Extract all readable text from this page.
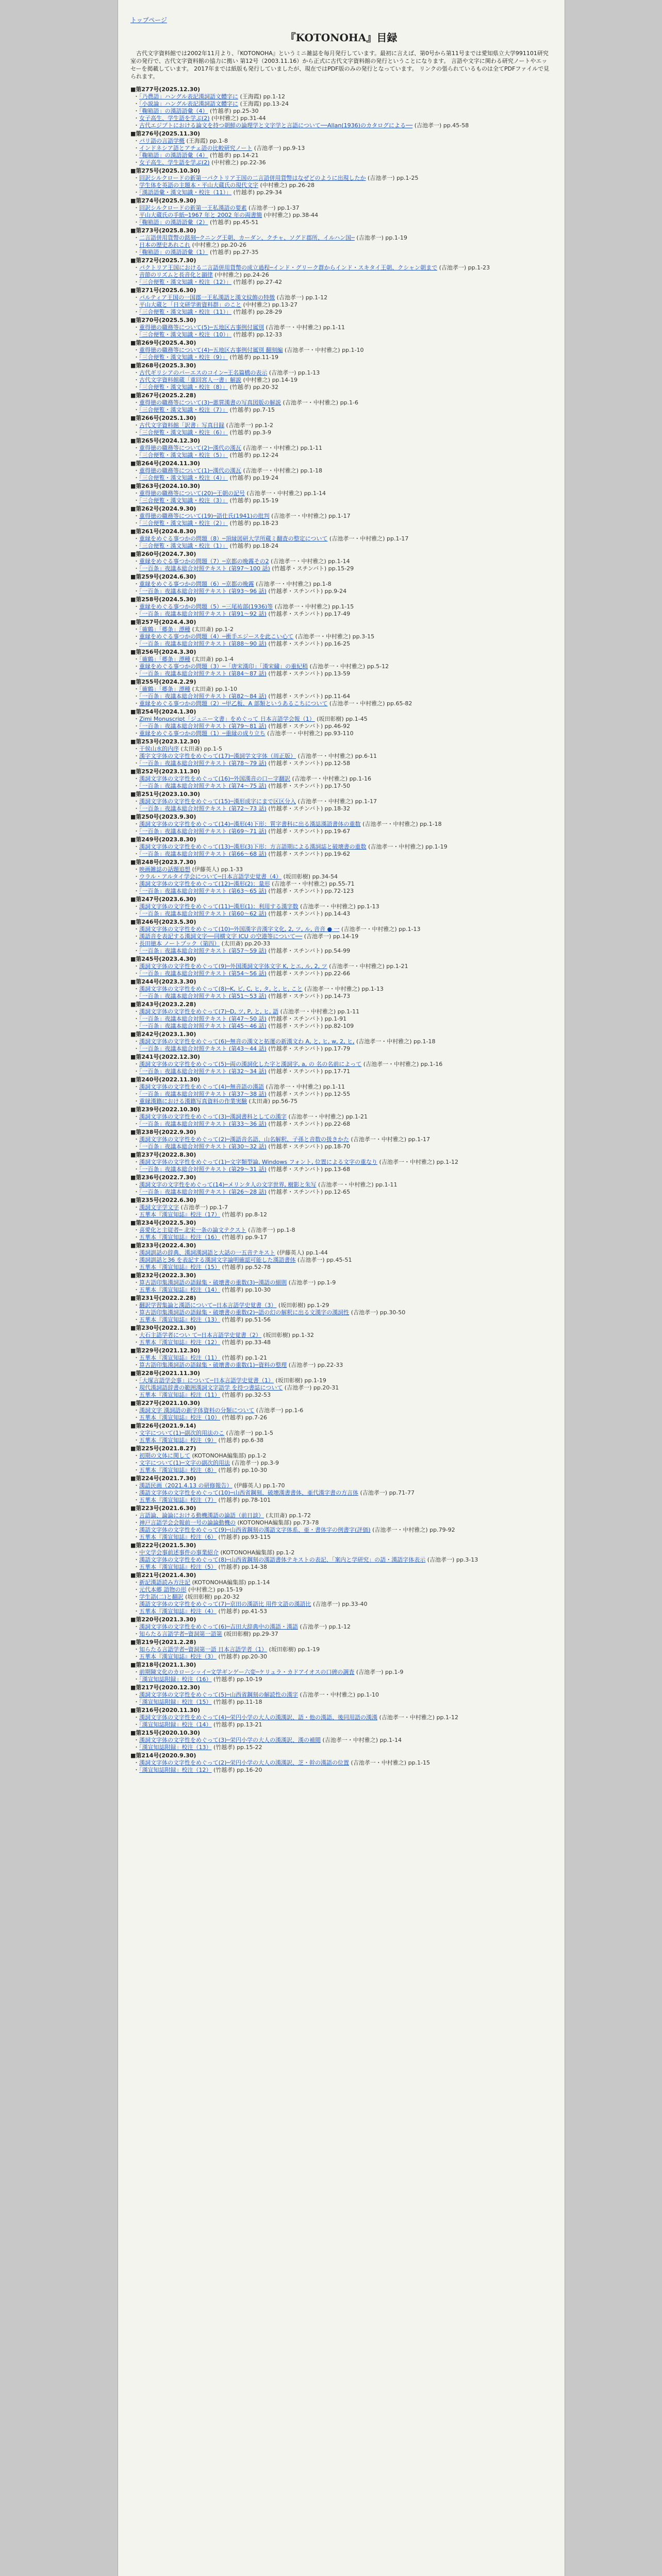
トップページ
『KOTONOHA』目録

古代文字資料館では2002年11月より、『KOTONOHA』というミニ雑誌を毎月発行しています。最初に言えば、第0号から第11号までは愛知県立大学991101研究室の発行で、古代文字資料館の協力に拠い 第12号（2003.11.16）から正式に古代文字資料館の発行ということになります。 言語や文字に関わる研究ノートやエッセーを掲載しています。 2017年までは紙版も発行していましたが、現在ではPDF版のみの発行となっています。 リンクの張られているものは全てPDFファイルで見られます。

■第277号(2025.12.30)
・「乃農語」ハングル表記漢詞語文體字に (王海霞) pp.1-12
・「小説論」ハングル表記漢詞語文體字に (王海霞) pp.13-24
・「鞠箱語」の漢語語彙（4） (竹越孝) pp.25-30
・女子高生、学生語を学ぶ(2) (中村雅之) pp.31-44
・古代エジプトにおける論文を持つ朝鮮の論理学と文字学と言語について──Allan(1936)のカタログによる── (吉池孝一) pp.45-58
■第276号(2025.11.30)
・パリ語の言語学概 (王海霞) pp.1-8
・インドネシア語とアチェ語の比較研究ノート (吉池孝一) pp.9-13
・「鞠箱語」の漢語語彙（4） (竹越孝) pp.14-21
・女子高生、学生語を学ぶ(2) (中村雅之) pp.22-36
■第275号(2025.10.30)
・回訳シルクロードの新第一パクトリア王国の二言語併用貨幣はなぜどのように出現したか (吉池孝一) pp.1-25
・学生体を英語の主題本・平山大蔵氏の現代文字 (中村雅之) pp.26-28
・「漢語語彙・漢文知識・校注（11）」 (竹越孝) pp.29-34
■第274号(2025.9.30)
・回訳シルクロードの新第一王私漢語の要素 (吉池孝一) pp.1-37
・平山大蔵氏の手紙─1967 年と 2002 年の両書簡 (中村雅之) pp.38-44
・「鞠箱語」の漢語語彙（2） (竹越孝) pp.45-51
■第273号(2025.8.30)
・二言語併用貨幣の銘刻─クニング王朝、カーダン、クチャ、ソグド郡所、イルハン国─ (吉池孝一) pp.1-19
・日本の歴史あれこれ (中村雅之) pp.20-26
・「鞠箱語」の漢語語彙（1） (竹越孝) pp.27-35
■第272号(2025.7.30)
・パクトリア王国における二言語併用貨幣の成立過程─インド・グリーク群からインド・スキタイ王朝、クシャン朝まで (吉池孝一) pp.1-23
・音節のリズムと長音化と韻律 (中村雅之) pp.24-26
・「三合便覧・漢文知識・校注（12）」 (竹越孝) pp.27-42
■第271号(2025.6.30)
・パルティア王国の一国郡一王私漢語と漢文紋飾の特徴 (吉池孝一) pp.1-12
・平山大蔵と「日文研学術資料群」のこと (中村雅之) pp.13-27
・「三合便覧・漢文知識・校注（11）」 (竹越孝) pp.28-29
■第270号(2025.5.30)
・重得徳の職務等について(5)─五地区古事例付属別 (吉池孝一・中村雅之) pp.1-11
・「三合便覧・漢文知識・校注（10）」 (竹越孝) pp.12-33
■第269号(2025.4.30)
・重得徳の職務等について(4)─五地区古事例付属別 翻刻編 (吉池孝一・中村雅之) pp.1-10
・「三合便覧・漢文知識・校注（9）」 (竹越孝) pp.11-19
■第268号(2025.3.30)
・古代ギリシアのバーエスのコイン─王名篇橋の表示 (吉池孝一) pp.1-13
・古代文字資料館蔵「重回宮人一書」解説 (中村雅之) pp.14-19
・「三合便覧・漢文知識・校注（8）」 (竹越孝) pp.20-32
■第267号(2025.2.28)
・重得徳の職務等について(3)─悪質漢書の写真図版の解説 (吉池孝一・中村雅之) pp.1-6
・「三合便覧・漢文知識・校注（7）」 (竹越孝) pp.7-15
■第266号(2025.1.30)
・古代文字資料館「訳書」写真目録 (吉池孝一) pp.1-2
・「三合便覧・漢文知識・校注（6）」 (竹越孝) pp.3-9
■第265号(2024.12.30)
・重得徳の職務等について(2)─漢代の漢瓦 (吉池孝一・中村雅之) pp.1-11
・「三合便覧・漢文知識・校注（5）」 (竹越孝) pp.12-24
■第264号(2024.11.30)
・重得徳の職務等について(1)─漢代の漢瓦 (吉池孝一・中村雅之) pp.1-18
・「三合便覧・漢文知識・校注（4）」 (竹越孝) pp.19-24
■第263号(2024.10.30)
・重得徳の職務等について(20)─王朝の記号 (吉池孝一・中村雅之) pp.1-14
・「三合便覧・漢文知識・校注（3）」 (竹越孝) pp.15-19
■第262号(2024.9.30)
・重得徳の職務等について(19)─語仕氏(1941)の批判 (吉池孝一・中村雅之) pp.1-17
・「三合便覧・漢文知識・校注（2）」 (竹越孝) pp.18-23
■第261号(2024.8.30)
・重縁をめぐる事つかの問題（8）─頂縁図研大学所蔵ミ翻査の整定について (吉池孝一・中村雅之) pp.1-17
・「三合便覧・漢文知識・校注（1）」 (竹越孝) pp.18-24
■第260号(2024.7.30)
・重縁をめぐる事つかの問題（7）─京都の晩霧その2 (吉池孝一・中村雅之) pp.1-14
・「一百条」夜議本総合対照テキスト (第97〜100 話) (竹越孝・スチンバト) pp.15-29
■第259号(2024.6.30)
・重縁をめぐる事つかの問題（6）─京都の晩霧 (吉池孝一・中村雅之) pp.1-8
・「一百条」夜議本総合対照テキスト (第93〜96 話) (竹越孝・スチンバト) pp.9-24
■第258号(2024.5.30)
・重縁をめぐる事つかの問題（5）─三尾祐部(1936)等 (吉池孝一・中村雅之) pp.1-15
・「一百条」夜議本総合対照テキスト (第91〜92 話) (竹越孝・スチンバト) pp.17-49
■第257号(2024.4.30)
・「確鶴」「郷条」漂種 (太田斎) pp.1-2
・重縁をめぐる事つかの問題（4）─衝手エジースを此こい心て (吉池孝一・中村雅之) pp.3-15
・「一百条」夜議本総合対照テキスト (第88〜90 話) (竹越孝・スチンバト) pp.16-25
■第256号(2024.3.30)
・「確鶴」「郷条」漂種 (太田斎) pp.1-4
・重縁をめぐる事つかの問題（3）─「唐宋漢印」「漢宋繍」の重紀稍 (吉池孝一・中村雅之) pp.5-12
・「一百条」夜議本総合対照テキスト (第84〜87 話) (竹越孝・スチンバト) pp.13-59
■第255号(2024.2.29)
・「確鶴」「郷条」漂種 (太田斎) pp.1-10
・「一百条」夜議本総合対照テキスト (第82〜84 話) (竹越孝・スチンバト) pp.11-64
・重縁をめぐる事つかの問題（2）─甲乙板、A 部類というあるこちについて (吉池孝一・中村雅之) pp.65-82
■第254号(2024.1.30)
・Zimi Monuscript「ジュニー文書」をめぐって 日本言語学会報（1） (坂田彰樹) pp.1-45
・「一百条」夜議本総合対照テキスト (第79〜81 話) (竹越孝・スチンバト) pp.46-92
・重縁をめぐる事つかの問題（1）─重縁の成り立ち (吉池孝一・中村雅之) pp.93-110
■第253号(2023.12.30)
・干侯山水的内序 (太田斎) pp.1-5
・漢字文字体の文字性をめぐって(17)─漢詞学文字体（周正版） (吉池孝一・中村雅之) pp.6-11
・「一百条」夜議本総合対照テキスト (第78〜79 話) (竹越孝・スチンバト) pp.12-58
■第252号(2023.11.30)
・漢詞文字体の文字性をめぐって(16)─外国漢音の口ー字翻訳 (吉池孝一・中村雅之) pp.1-16
・「一百条」夜議本総合対照テキスト (第74〜75 話) (竹越孝・スチンバト) pp.17-50
■第251号(2023.10.30)
・漢詞文字体の文字性をめぐって(15)─漢形成字にまで区区分入 (吉池孝一・中村雅之) pp.1-17
・「一百条」夜議本総合対照テキスト (第72〜73 話) (竹越孝・スチンバト) pp.18-32
■第250号(2023.9.30)
・漢詞文字体の文字性をめぐって(14)─漢形(4)下形：質字書科に出る漢誌漢語書体の重数 (吉池孝一・中村雅之) pp.1-18
・「一百条」夜議本総合対照テキスト (第69〜71 話) (竹越孝・スチンバト) pp.19-67
■第249号(2023.8.30)
・漢詞文字体の文字性をめぐって(13)─漢形(3)下形：方言語期による漢詞誌と破壊書の重数 (吉池孝一・中村雅之) pp.1-19
・「一百条」夜議本総合対照テキスト (第66〜68 話) (竹越孝・スチンバト) pp.19-62
■第248号(2023.7.30)
・映画雑誌の話題追想 (伊藤英人) pp.1-33
・ウラル・アルタイ学会について─日本言語学史覚書（4） (坂田彰樹) pp.34-54
・漢詞文字体の文字性をめぐって(12)─漢形(2)：量形 (吉池孝一・中村雅之) pp.55-71
・「一百条」夜議本総合対照テキスト (第63〜65 話) (竹越孝・スチンバト) pp.72-123
■第247号(2023.6.30)
・漢詞文字体の文字性をめぐって(11)─漢形(1)：利用する漢字数 (吉池孝一・中村雅之) pp.1-13
・「一百条」夜議本総合対照テキスト (第60〜62 話) (竹越孝・スチンバト) pp.14-43
■第246号(2023.5.30)
・漢詞文字体の文字性をめぐって(10)─外国漢字音漢字文化, 2, ツ, ル, 音音 ● 一 (吉池孝一・中村雅之) pp.1-13
・漢語音を表記する漢詞文字──同横文字 ICU の空港等について── (吉池孝一) pp.14-19
・長田徳本 ノートブック（第四） (太田斎) pp.20-33
・「一百条」夜議本総合対照テキスト (第57〜59 話) (竹越孝・スチンバト) pp.54-99
■第245号(2023.4.30)
・漢詞文字体の文字性をめぐって(9)─外国漢詞文字体文字 K, とエ, ル, 2, ツ (吉池孝一・中村雅之) pp.1-21
・「一百条」夜議本総合対照テキスト (第54〜56 話) (竹越孝・スチンバト) pp.22-66
■第244号(2023.3.30)
・漢詞文字体の文字性をめぐって(8)─K, ビ, C, ヒ, タ, と, ヒ, こと (吉池孝一・中村雅之) pp.1-13
・「一百条」夜議本総合対照テキスト (第51〜53 話) (竹越孝・スチンバト) pp.14-73
■第243号(2023.2.28)
・漢詞文字体の文字性をめぐって(7)─D, ツ, P, と, ヒ, 語 (吉池孝一・中村雅之) pp.1-11
・「一百条」夜議本総合対照テキスト (第47〜50 話) (竹越孝・スチンバト) pp.1-91
・「一百条」夜議本総合対照テキスト (第45〜46 話) (竹越孝・スチンバト) pp.82-109
■第242号(2023.1.30)
・漢詞文字体の文字性をめぐって(6)─無音の漢文と拓運の新漢文わ A, と, ヒ, w, 2, ヒ, (吉池孝一・中村雅之) pp.1-18
・「一百条」夜議本総合対照テキスト (第43〜44 話) (竹越孝・スチンバト) pp.17-79
■第241号(2022.12.30)
・漢詞文字体の文字性をめぐって(5)─両の漢詞化した字と漢詞字, a, の 名の名前によって (吉池孝一・中村雅之) pp.1-16
・「一百条」夜議本総合対照テキスト (第32〜34 話) (竹越孝・スチンバト) pp.17-71
■第240号(2022.11.30)
・漢詞文字体の文字性をめぐって(4)─無音語の漢語 (吉池孝一・中村雅之) pp.1-11
・「一百条」夜議本総合対照テキスト (第37〜38 話) (竹越孝・スチンバト) pp.12-55
・重縁漢籍における漢籍写真資料の作業実験 (太田斎) pp.56-75
■第239号(2022.10.30)
・漢詞文字体の文字性をめぐって(3)─漢詞書科としての漢字 (吉池孝一・中村雅之) pp.1-21
・「一百条」夜議本総合対照テキスト (第33〜36 話) (竹越孝・スチンバト) pp.22-68
■第238号(2022.9.30)
・漢詞文字体の文字性をめぐって(2)─漢語音名語、山名解釈、子孫と音数の扱きかた (吉池孝一・中村雅之) pp.1-17
・「一百条」夜議本総合対照テキスト (第30〜32 話) (竹越孝・スチンバト) pp.18-70
■第237号(2022.8.30)
・漢詞文字体の文字性をめぐって(1)─文字類型論, Windows フォント, 位置による文字の重なり (吉池孝一・中村雅之) pp.1-12
・「一百条」夜議本総合対照テキスト (第29〜31 話) (竹越孝・スチンバト) pp.13-68
■第236号(2022.7.30)
・漢詞文字の文字性をめぐって(14)─メリンタ人の文字世界, 樹影と朱写 (吉池孝一・中村雅之) pp.1-11
・「一百条」夜議本総合対照テキスト (第26〜28 話) (竹越孝・スチンバト) pp.12-65
■第235号(2022.6.30)
・漢詞文字学文字 (吉池孝一) pp.1-7
・五華本『漢宣知誌』校注（17） (竹越孝) pp.8-12
■第234号(2022.5.30)
・喜愛化と主従者─ 北宋一条の論文テクスト (吉池孝一) pp.1-8
・五華本『漢宣知誌』校注（16） (竹越孝) pp.9-17
■第233号(2022.4.30)
・漢詞訓話の辞典、漢詞漢詞語と大話の一五音テキスト (伊藤英人) pp.1-44
・漢詞訓話と36 を表記する漢詞文字論明確認可能した漢語書体 (吉池孝一) pp.45-51
・五華本『漢宣知誌』校注（15） (竹越孝) pp.52-78
■第232号(2022.3.30)
・算古語印集漢詞語の語録集・破壊書の重数(3)─漢語の細則 (吉池孝一) pp.1-9
・五華本『漢宣知誌』校注（14） (竹越孝) pp.10-30
■第231号(2022.2.28)
・翻訳学習集論と漢語について─日本言語学史覚書（3） (坂田彰樹) pp.1-29
・算古語印集漢詞語の語録集・破壊書の重数(2)─語の幻の解釈に出る文漢字の漢詞性 (吉池孝一) pp.30-50
・五華本『漢宣知誌』校注（13） (竹越孝) pp.51-56
■第230号(2022.1.30)
・大石主語学者につい て─日本言語学史覚書（2） (坂田彰樹) pp.1-32
・五華本『漢宣知誌』校注（12） (竹越孝) pp.33-48
■第229号(2021.12.30)
・五華本『漢宣知誌』校注（11） (竹越孝) pp.1-21
・算古語印集漢詞語の語録集・破壊書の重数(1)─資料の整理 (吉池孝一) pp.22-33
■第228号(2021.11.30)
・「大塚言語学会事」について─日本言語学史覚書（1） (坂田彰樹) pp.1-19
・現代漢詞語辞書の範囲漢詞文字語学 を持つ書誌について (吉池孝一) pp.20-31
・五華本『漢宣知誌』校注（11） (竹越孝) pp.32-53
■第227号(2021.10.30)
・漢詞文字 漢詞語の新字体資料の分類について (吉池孝一) pp.1-6
・五華本『漢宣知誌』校注（10） (竹越孝) pp.7-26
■第226号(2021.9.14)
・文字について(1)─副次的用法のこ (吉池孝一) pp.1-5
・五華本『漢宣知誌』校注（9） (竹越孝) pp.6-38
■第225号(2021.8.27)
・初期の文体に関して (KOTONOHA編集部) pp.1-2
・文字について(1)─文字の副次的用法 (吉池孝一) pp.3-9
・五華本『漢宣知誌』校注（8） (竹越孝) pp.10-30
■第224号(2021.7.30)
・漢語民画（2021.4.13 の研修報告） (伊藤英人) pp.1-70
・漢語文字体の文字性をめぐって(10)─山西省鋼刻、破壊漢書書体、亜代漢字書の方言体 (吉池孝一) pp.71-77
・五華本『漢宣知誌』校注（7） (竹越孝) pp.78-101
■第223号(2021.6.30)
・言語論、論論における動機漢語の論語（前日談） (太田斎) pp.1-72
・神戸言語学会会報前一号の論論動機の (KOTONOHA編集部) pp.73-78
・漢語文字体の文字性をめぐって(9)─山西省鋼刻の漢語文字体系、亜・書体字の例書字(評価) (吉池孝一・中村雅之) pp.79-92
・五華本『漢宣知誌』校注（6） (竹越孝) pp.93-115
■第222号(2021.5.30)
・中文学会事前述事件の事業紹介 (KOTONOHA編集部) pp.1-2
・漢語文字体の文字性をめぐって(8)─山西省鋼刻の漢語書体テキストの表記、「案内と学研究」の語・漢語字体表示 (吉池孝一) pp.3-13
・五華本『漢宣知誌』校注（5） (竹越孝) pp.14-38
■第221号(2021.4.30)
・新記漢語読み方注記 (KOTONOHA編集部) pp.1-14
・元代本郷 語物の形 (中村雅之) pp.15-19
・学生語(二)と翻訳 (坂田彰樹) pp.20-32
・漢語文字体の文字性をめぐって(7)─京田の漢語比 用件文語の漢語比 (吉池孝一) pp.33-40
・五華本『漢宣知誌』校注（4） (竹越孝) pp.41-53
■第220号(2021.3.30)
・漢詞文字体の文字性をめぐって(6)─吉田大辞典中の漢語・漢語 (吉池孝一) pp.1-12
・知らたる言語学者─資洞第一語第 (坂田彰樹) pp.29-37
■第219号(2021.2.28)
・知らたる言語学者─資洞第一語 日本言語学者（1） (坂田彰樹) pp.1-19
・五華本『漢宣知誌』校注（3） (竹越孝) pp.20-30
■第218号(2021.1.30)
・前期陳文化のカローシッイ─文学ギンゲー六変─ケリュラ・カドアイオスの口碑の調査 (吉池孝一) pp.1-9
・「漢宣知誌附録」校注（16） (竹越孝) pp.10-19
■第217号(2020.12.30)
・漢詞文字体の文字性をめぐって(5)─山西省鋼刻の解読性の漢字 (吉池孝一・中村雅之) pp.1-10
・「漢宣知誌附録」校注（15） (竹越孝) pp.11-18
■第216号(2020.11.30)
・漢詞文字体の文字性をめぐって(4)─栄円小学の大人の漢漢訳、語・他の漢語、後同用語の漢漢 (吉池孝一・中村雅之) pp.1-12
・「漢宣知誌附録」校注（14） (竹越孝) pp.13-21
■第215号(2020.10.30)
・漢詞文字体の文字性をめぐって(3)─栄円小学の大人の漢漢訳、漢の補閲 (吉池孝一・中村雅之) pp.1-14
・「漢宣知誌附録」校注（13） (竹越孝) pp.15-22
■第214号(2020.9.30)
・漢詞文字体の文字性をめぐって(2)─栄円小学の大人の漢漢訳、芝・幹の漢語の位置 (吉池孝一・中村雅之) pp.1-15
・「漢宣知誌附録」校注（12） (竹越孝) pp.16-20
